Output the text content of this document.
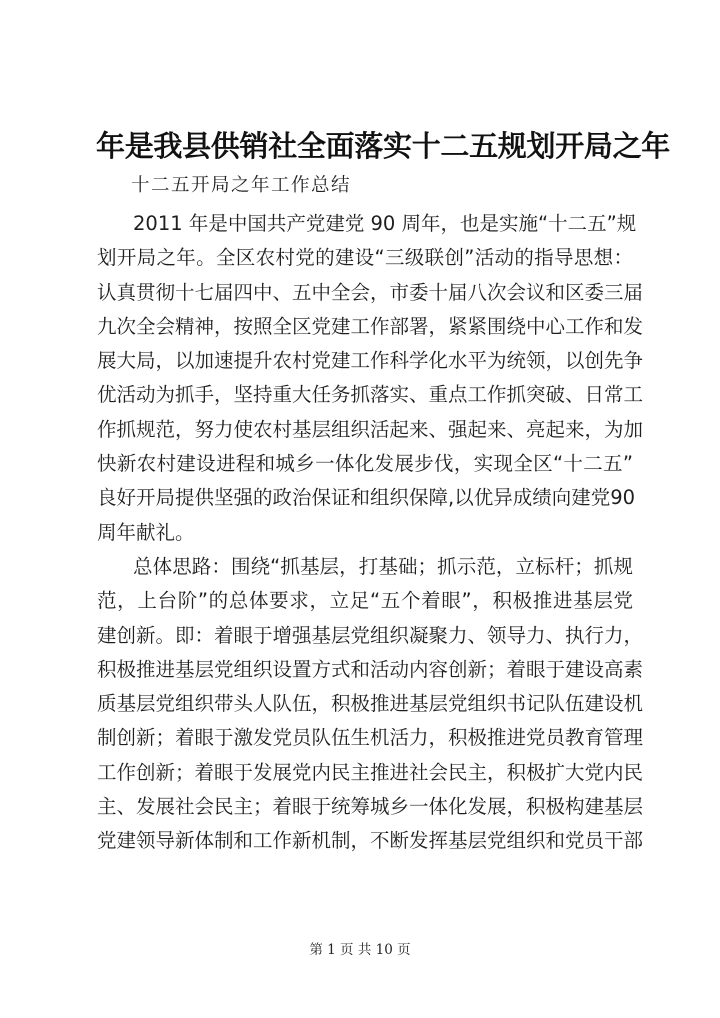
年是我县供销社全面落实十二五规划开局之年
十二五开局之年工作总结
2011 年是中国共产党建党 90 周年，也是实施“十二五”规
划开局之年。全区农村党的建设“三级联创”活动的指导思想：
认真贯彻十七届四中、五中全会，市委十届八次会议和区委三届
九次全会精神，按照全区党建工作部署，紧紧围绕中心工作和发
展大局，以加速提升农村党建工作科学化水平为统领，以创先争
优活动为抓手，坚持重大任务抓落实、重点工作抓突破、日常工
作抓规范，努力使农村基层组织活起来、强起来、亮起来，为加
快新农村建设进程和城乡一体化发展步伐，实现全区“十二五”
良好开局提供坚强的政治保证和组织保障,以优异成绩向建党90
周年献礼。
总体思路：围绕“抓基层，打基础；抓示范，立标杆；抓规
范，上台阶”的总体要求，立足“五个着眼”，积极推进基层党
建创新。即：着眼于增强基层党组织凝聚力、领导力、执行力，
积极推进基层党组织设置方式和活动内容创新；着眼于建设高素
质基层党组织带头人队伍，积极推进基层党组织书记队伍建设机
制创新；着眼于激发党员队伍生机活力，积极推进党员教育管理
工作创新；着眼于发展党内民主推进社会民主，积极扩大党内民
主、发展社会民主；着眼于统筹城乡一体化发展，积极构建基层
党建领导新体制和工作新机制，不断发挥基层党组织和党员干部
第 1 页 共 10 页
